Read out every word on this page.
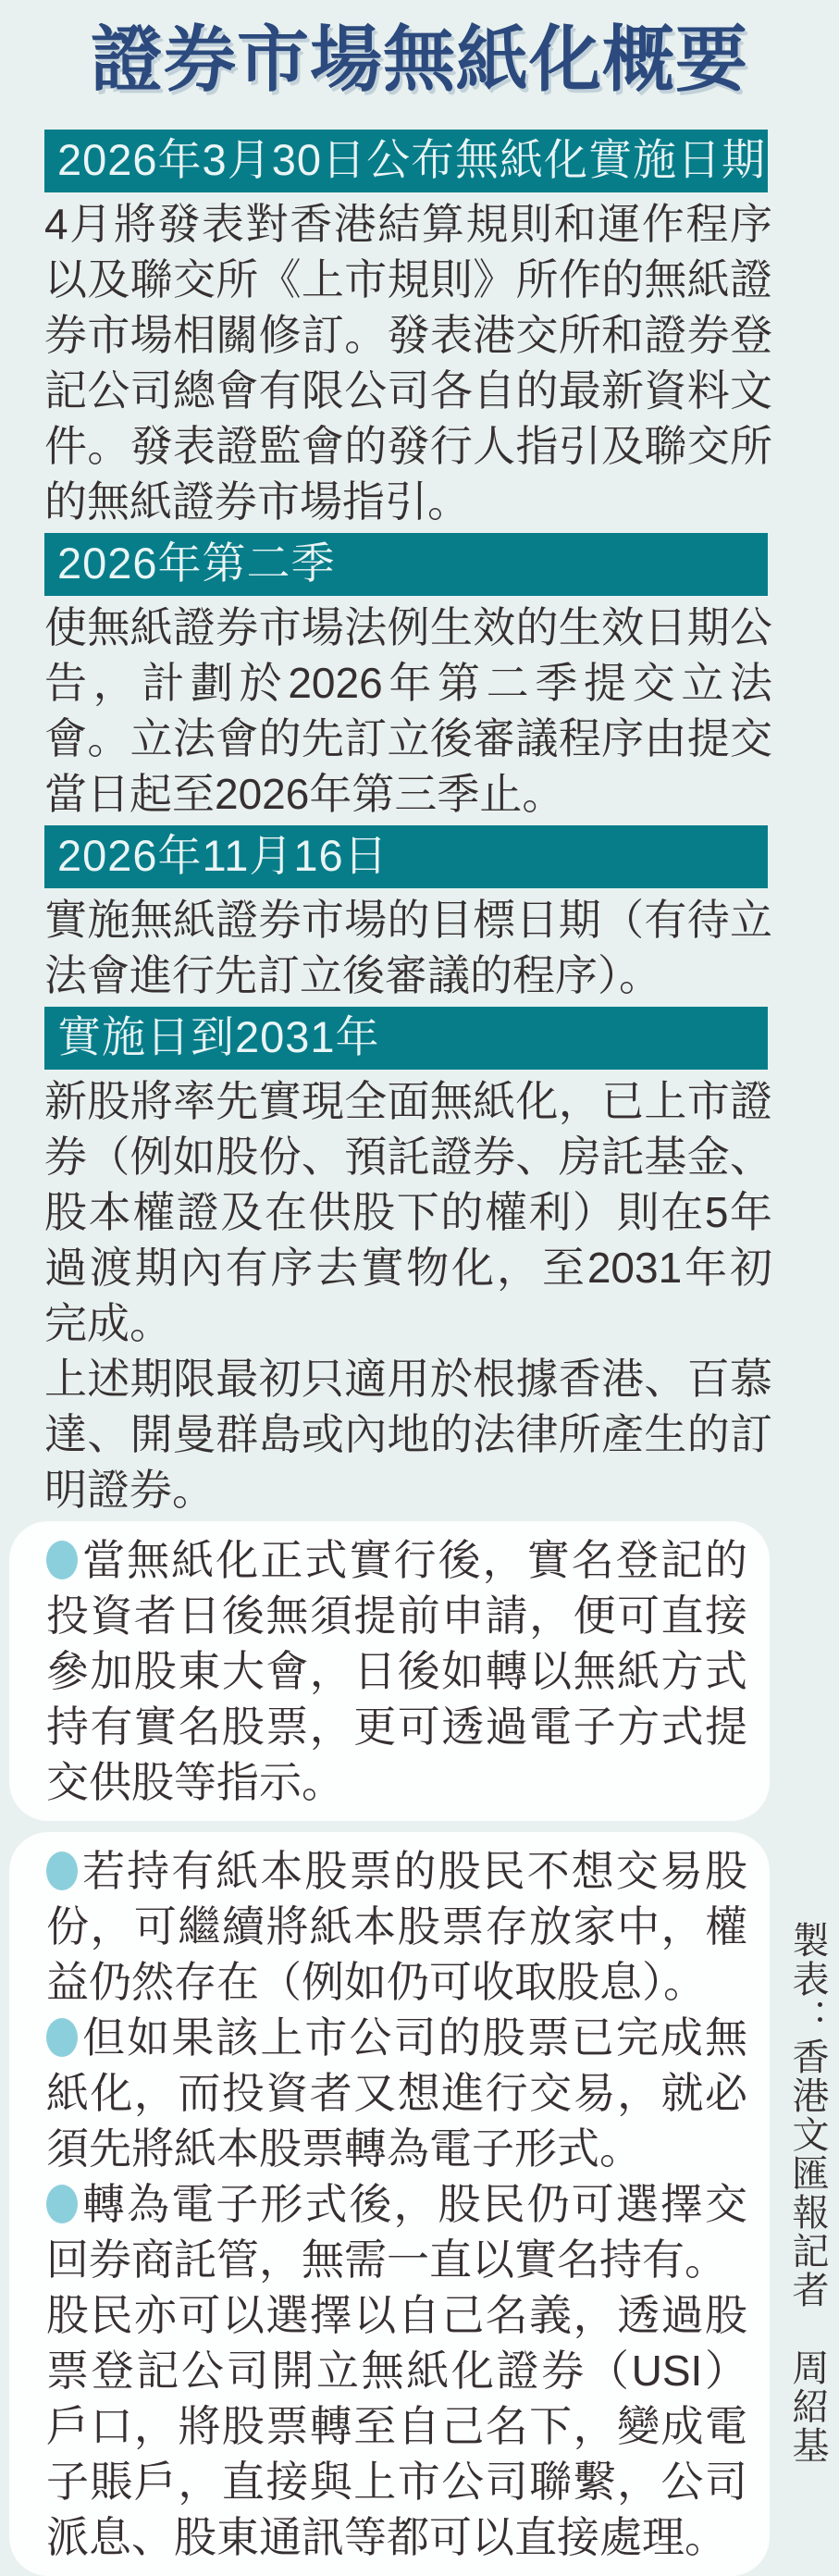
證券市場無紙化概要
2026年3月30日公布無紙化實施日期

4月將發表對香港結算規則和運作程序以及聯交所《上市規則》所作的無紙證券市場相關修訂。發表港交所和證券登記公司總會有限公司各自的最新資料文件。發表證監會的發行人指引及聯交所的無紙證券市場指引。

2026年第二季

使無紙證券市場法例生效的生效日期公告，計劃於2026年第二季提交立法會。立法會的先訂立後審議程序由提交當日起至2026年第三季止。

2026年11月16日

實施無紙證券市場的目標日期（有待立法會進行先訂立後審議的程序）。

實施日到2031年

新股將率先實現全面無紙化，已上市證券（例如股份、預託證券、房託基金、股本權證及在供股下的權利）則在5年過渡期內有序去實物化，至2031年初完成。

上述期限最初只適用於根據香港、百慕達、開曼群島或內地的法律所產生的訂明證券。

當無紙化正式實行後，實名登記的投資者日後無須提前申請，便可直接參加股東大會，日後如轉以無紙方式持有實名股票，更可透過電子方式提交供股等指示。

若持有紙本股票的股民不想交易股份，可繼續將紙本股票存放家中，權益仍然存在（例如仍可收取股息）。

但如果該上市公司的股票已完成無紙化，而投資者又想進行交易，就必須先將紙本股票轉為電子形式。

轉為電子形式後，股民仍可選擇交回券商託管，無需一直以實名持有。

股民亦可以選擇以自己名義，透過股票登記公司開立無紙化證券（USI）戶口，將股票轉至自己名下，變成電子賬戶，直接與上市公司聯繫，公司派息、股東通訊等都可以直接處理。

製表：香港文匯報記者　周紹基
